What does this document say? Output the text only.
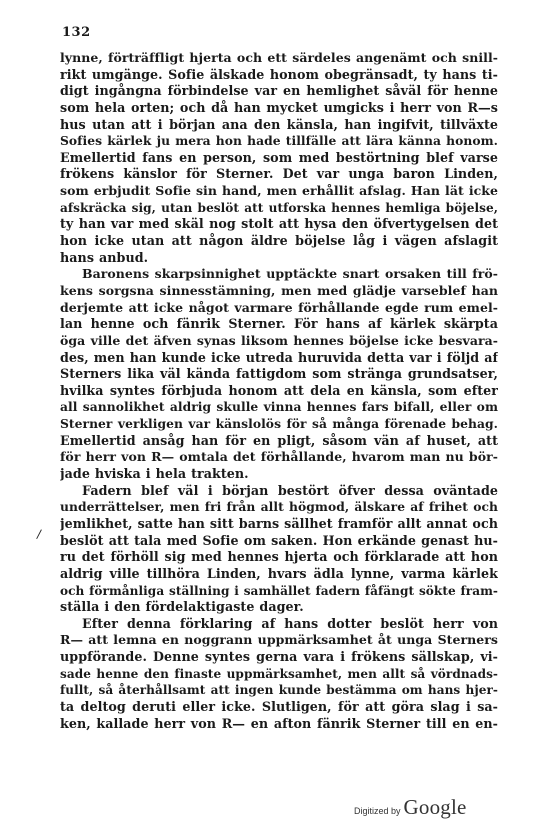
132
/
lynne, förträffligt hjerta och ett särdeles angenämt och snill-
rikt umgänge. Sofie älskade honom obegränsadt, ty hans ti-
digt ingångna förbindelse var en hemlighet såväl för henne
som hela orten; och då han mycket umgicks i herr von R—s
hus utan att i början ana den känsla, han ingifvit, tillväxte
Sofies kärlek ju mera hon hade tillfälle att lära känna honom.
Emellertid fans en person, som med bestörtning blef varse
frökens känslor för Sterner. Det var unga baron Linden,
som erbjudit Sofie sin hand, men erhållit afslag. Han lät icke
afskräcka sig, utan beslöt att utforska hennes hemliga böjelse,
ty han var med skäl nog stolt att hysa den öfvertygelsen det
hon icke utan att någon äldre böjelse låg i vägen afslagit
hans anbud.
Baronens skarpsinnighet upptäckte snart orsaken till frö-
kens sorgsna sinnesstämning, men med glädje varseblef han
derjemte att icke något varmare förhållande egde rum emel-
lan henne och fänrik Sterner. För hans af kärlek skärpta
öga ville det äfven synas liksom hennes böjelse icke besvara-
des, men han kunde icke utreda huruvida detta var i följd af
Sterners lika väl kända fattigdom som stränga grundsatser,
hvilka syntes förbjuda honom att dela en känsla, som efter
all sannolikhet aldrig skulle vinna hennes fars bifall, eller om
Sterner verkligen var känslolös för så många förenade behag.
Emellertid ansåg han för en pligt, såsom vän af huset, att
för herr von R— omtala det förhållande, hvarom man nu bör-
jade hviska i hela trakten.
Fadern blef väl i början bestört öfver dessa oväntade
underrättelser, men fri från allt högmod, älskare af frihet och
jemlikhet, satte han sitt barns sällhet framför allt annat och
beslöt att tala med Sofie om saken. Hon erkände genast hu-
ru det förhöll sig med hennes hjerta och förklarade att hon
aldrig ville tillhöra Linden, hvars ädla lynne, varma kärlek
och förmånliga ställning i samhället fadern fåfängt sökte fram-
ställa i den fördelaktigaste dager.
Efter denna förklaring af hans dotter beslöt herr von
R— att lemna en noggrann uppmärksamhet åt unga Sterners
uppförande. Denne syntes gerna vara i frökens sällskap, vi-
sade henne den finaste uppmärksamhet, men allt så vördnads-
fullt, så återhållsamt att ingen kunde bestämma om hans hjer-
ta deltog deruti eller icke. Slutligen, för att göra slag i sa-
ken, kallade herr von R— en afton fänrik Sterner till en en-
Digitized by Google
